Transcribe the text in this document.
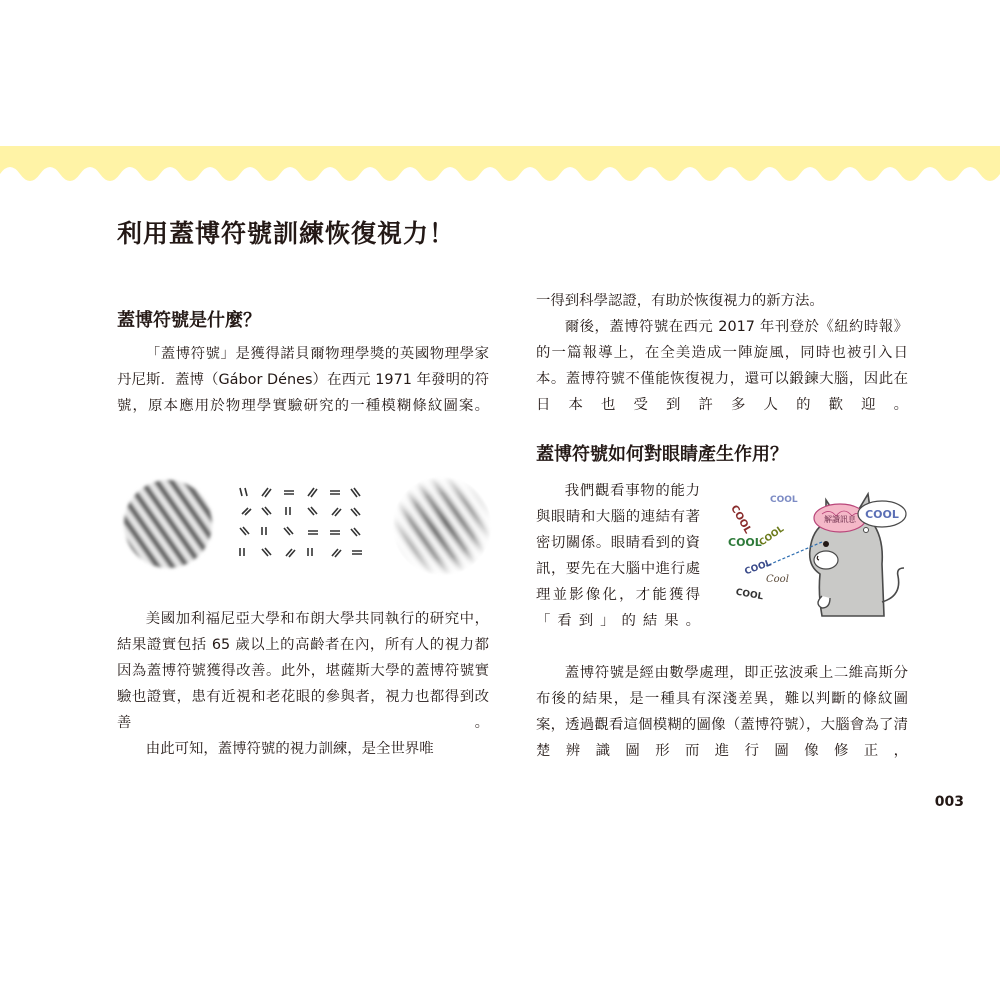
利用蓋博符號訓練恢復視力！
蓋博符號是什麼？

「蓋博符號」是獲得諾貝爾物理學獎的英國物理學家丹尼斯．蓋博（Gábor Dénes）在西元 1971 年發明的符號，原本應用於物理學實驗研究的一種模糊條紋圖案。

美國加利福尼亞大學和布朗大學共同執行的研究中，結果證實包括 65 歲以上的高齡者在內，所有人的視力都因為蓋博符號獲得改善。此外，堪薩斯大學的蓋博符號實驗也證實，患有近視和老花眼的參與者，視力也都得到改善。

由此可知，蓋博符號的視力訓練，是全世界唯

一得到科學認證，有助於恢復視力的新方法。

爾後，蓋博符號在西元 2017 年刊登於《紐約時報》的一篇報導上，在全美造成一陣旋風，同時也被引入日本。蓋博符號不僅能恢復視力，還可以鍛鍊大腦，因此在日本也受到許多人的歡迎。

蓋博符號如何對眼睛產生作用？

我們觀看事物的能力與眼睛和大腦的連結有著密切關係。眼睛看到的資訊，要先在大腦中進行處理並影像化，才能獲得「看到」的結果。

解讀訊息 COOL
COOL
COOL
COOL
COOL
COOL
Cool
COOL

蓋博符號是經由數學處理，即正弦波乘上二維高斯分布後的結果，是一種具有深淺差異，難以判斷的條紋圖案，透過觀看這個模糊的圖像（蓋博符號），大腦會為了清楚辨識圖形而進行圖像修正，

003
